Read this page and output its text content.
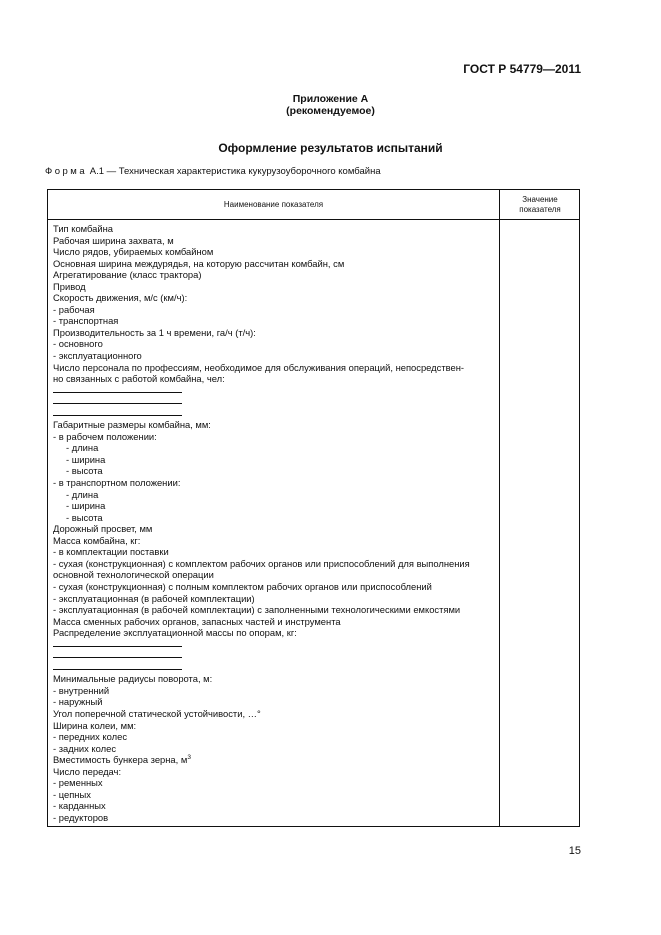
ГОСТ Р 54779—2011
Приложение А
(рекомендуемое)
Оформление результатов испытаний
Форма А.1 — Техническая характеристика кукурузоуборочного комбайна
Наименование показателя
Значение
показателя
Тип комбайна
Рабочая ширина захвата, м
Число рядов, убираемых комбайном
Основная ширина междурядья, на которую рассчитан комбайн, см
Агрегатирование (класс трактора)
Привод
Скорость движения, м/с (км/ч):
- рабочая
- транспортная
Производительность за 1 ч времени, га/ч (т/ч):
- основного
- эксплуатационного
Число персонала по профессиям, необходимое для обслуживания операций, непосредствен-
но связанных с работой комбайна, чел:
Габаритные размеры комбайна, мм:
- в рабочем положении:
- длина
- ширина
- высота
- в транспортном положении:
- длина
- ширина
- высота
Дорожный просвет, мм
Масса комбайна, кг:
- в комплектации поставки
- сухая (конструкционная) с комплектом рабочих органов или приспособлений для выполнения
основной технологической операции
- сухая (конструкционная) с полным комплектом рабочих органов или приспособлений
- эксплуатационная (в рабочей комплектации)
- эксплуатационная (в рабочей комплектации) с заполненными технологическими емкостями
Масса сменных рабочих органов, запасных частей и инструмента
Распределение эксплуатационной массы по опорам, кг:
Минимальные радиусы поворота, м:
- внутренний
- наружный
Угол поперечной статической устойчивости, …°
Ширина колеи, мм:
- передних колес
- задних колес
Вместимость бункера зерна, $м^3$
Число передач:
- ременных
- цепных
- карданных
- редукторов
15
